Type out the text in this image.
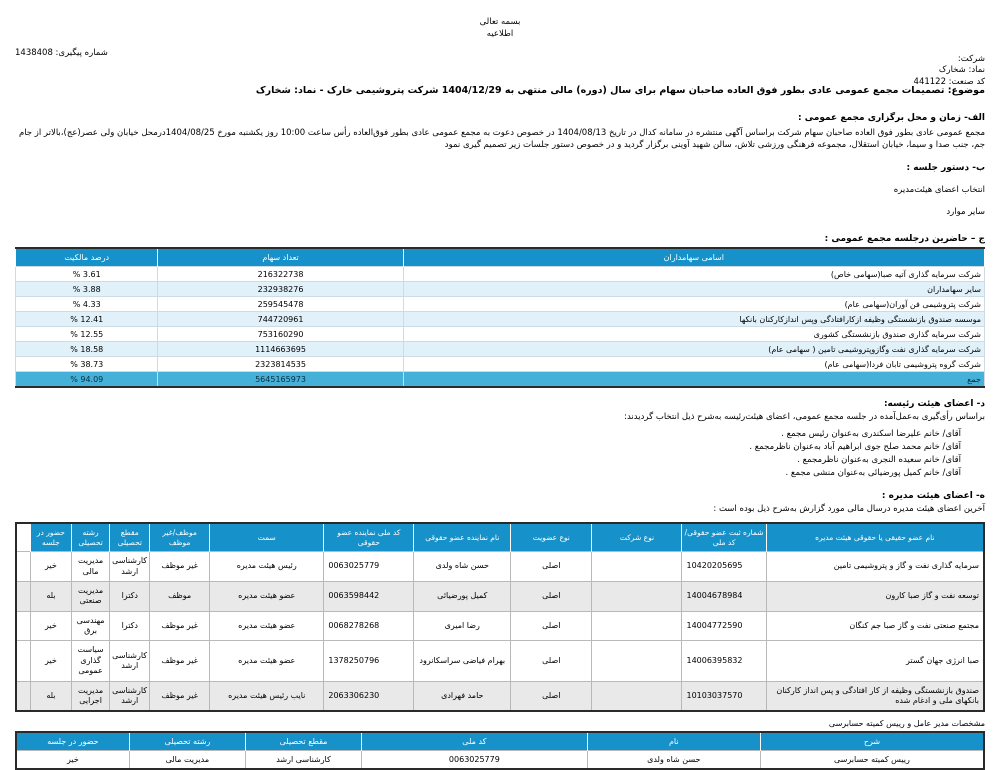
بسمه تعالی
اطلاعیه
شماره پیگیری: 1438408
شرکت:
نماد: شخارک
کد صنعت: 441122
موضوع: تصمیمات مجمع عمومی عادی بطور فوق العاده صاحبان سهام برای سال (دوره) مالی منتهی به 1404/12/29 شرکت پتروشیمی خارک - نماد: شخارک
الف- زمان و محل برگزاری مجمع عمومی :
مجمع عمومی عادی بطور فوق العاده صاحبان سهام شرکت براساس آگهی منتشره در سامانه کدال در تاریخ 1404/08/13 در خصوص دعوت به مجمع عمومی عادی بطور فوق‌العاده رأس ساعت 10:00 روز یکشنبه مورخ 1404/08/25درمحل خیابان ولی عصر(عج)،بالاتر از جام جم، جنب صدا و سیما، خیابان استقلال، مجموعه فرهنگی ورزشی تلاش، سالن شهید آوینی برگزار گردید و در خصوص دستور جلسات زیر تصمیم گیری نمود
ب- دستور جلسه :
انتخاب اعضای هیئت‌مدیره
سایر موارد
ج – حاضرین درجلسه مجمع عمومی :
اسامی سهامداران	تعداد سهام	درصد مالکیت
شرکت سرمایه گذاری آتیه صبا(سهامی خاص)	216322738	% 3.61
سایر سهامداران	232938276	% 3.88
شرکت پتروشیمی فن آوران(سهامی عام)	259545478	% 4.33
موسسه صندوق بازنشستگی وظیفه ازکارافتادگی وپس اندازکارکنان بانکها	744720961	% 12.41
شرکت سرمایه گذاری صندوق بازنشستگی کشوری	753160290	% 12.55
شرکت سرمایه گذاری نفت وگازوپتروشیمی تامین ( سهامی عام)	1114663695	% 18.58
شرکت گروه پتروشیمی تابان فردا(سهامی عام)	2323814535	% 38.73
جمع	5645165973	% 94.09
د- اعضای هیئت رئیسه:
براساس رأی‌گیری به‌عمل‌آمده در جلسه مجمع عمومی، اعضای هیئت‌رئیسه به‌شرح ذیل انتخاب گردیدند:
آقای/ خانم علیرضا اسکندری به‌عنوان رئیس مجمع .
آقای/ خانم محمد صلح جوی ابراهیم آباد به‌عنوان ناظرمجمع .
آقای/ خانم سعیده النجری به‌عنوان ناظرمجمع .
آقای/ خانم کمیل پورضیائی به‌عنوان منشی مجمع .
ه- اعضای هیئت مدیره :
آخرین اعضای هیئت مدیره درسال مالی مورد گزارش به‌شرح ذیل بوده است :
نام عضو حقیقی یا حقوقی هیئت مدیره	شماره ثبت عضو حقوقی/کد ملی	نوع شرکت	نوع عضویت	نام نماینده عضو حقوقی	کد ملی نماینده عضو حقوقی	سمت	موظف/غیر موظف	مقطع تحصیلی	رشته تحصیلی	حضور در جلسه	
سرمایه گذاری نفت و گاز و پتروشیمی تامین	10420205695		اصلی	حسن شاه ولدی	0063025779	رئیس هیئت مدیره	غیر موظف	کارشناسی ارشد	مدیریت مالی	خیر	
توسعه نفت و گاز صبا کارون	14004678984		اصلی	کمیل پورضیائی	0063598442	عضو هیئت مدیره	موظف	دکترا	مدیریت صنعتی	بله	
مجتمع صنعتی نفت و گاز صبا جم کنگان	14004772590		اصلی	رضا امیری	0068278268	عضو هیئت مدیره	غیر موظف	دکترا	مهندسی برق	خیر	
صبا انرژی جهان گستر	14006395832		اصلی	بهرام فیاضی سراسکانرود	1378250796	عضو هیئت مدیره	غیر موظف	کارشناسی ارشد	سیاست گذاری عمومی	خیر	
صندوق بازنشستگی وظیفه از کار افتادگی و پس انداز کارکنان بانکهای ملی و ادغام شده	10103037570		اصلی	حامد فهرادی	2063306230	نایب رئیس هیئت مدیره	غیر موظف	کارشناسی ارشد	مدیریت اجرایی	بله	
مشخصات مدیر عامل و رییس کمیته حسابرسی
شرح	نام	کد ملی	مقطع تحصیلی	رشته تحصیلی	حضور در جلسه
رییس کمیته حسابرسی	حسن شاه ولدی	0063025779	کارشناسی ارشد	مدیریت مالی	خیر
